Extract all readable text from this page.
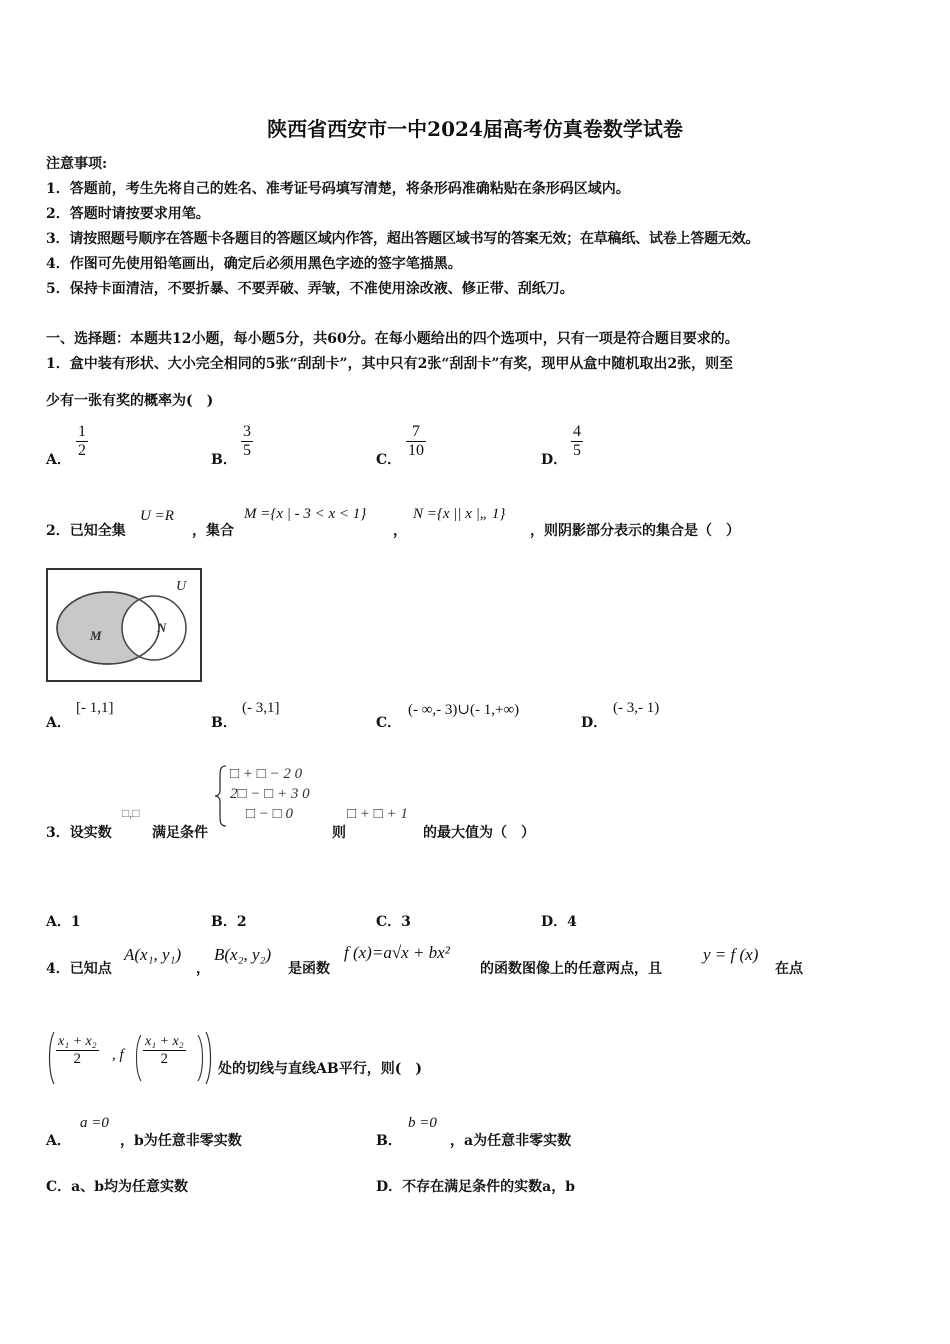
陕西省西安市一中2024届高考仿真卷数学试卷
注意事项:
1．答题前，考生先将自己的姓名、准考证号码填写清楚，将条形码准确粘贴在条形码区域内。
2．答题时请按要求用笔。
3．请按照题号顺序在答题卡各题目的答题区域内作答，超出答题区域书写的答案无效；在草稿纸、试卷上答题无效。
4．作图可先使用铅笔画出，确定后必须用黑色字迹的签字笔描黑。
5．保持卡面清洁，不要折暴、不要弄破、弄皱，不准使用涂改液、修正带、刮纸刀。
一、选择题：本题共12小题，每小题5分，共60分。在每小题给出的四个选项中，只有一项是符合题目要求的。
1．盒中装有形状、大小完全相同的5张“刮刮卡”，其中只有2张“刮刮卡”有奖，现甲从盒中随机取出2张，则至
少有一张有奖的概率为(　)
A．
1
2
B．
3
5
C．
7
10
D．
4
5
2．已知全集
U =R
，集合
M ={x | - 3 < x < 1}
，
N ={x || x |„ 1}
，则阴影部分表示的集合是（　）
U
M
N
A．
[- 1,1]
B．
(- 3,1]
C．
(- ∞,- 3)∪(- 1,+∞)
D．
(- 3,- 1)
3．设实数
□,□
满足条件
□ + □ − 2 0
2□ − □ + 3 0
□ − □ 0
则
□ + □ + 1
的最大值为（　）
A．1	B．2	C．3	D．4
4．已知点
A(x₁, y₁)
，
B(x₂, y₂)
是函数
f (x)=a√x + bx²
的函数图像上的任意两点，且
y = f (x)
在点
x₁ + x₂
2 , f
x₁ + x₂
2
处的切线与直线AB平行，则(　)
A．
a =0
，b为任意非零实数	B．
b =0
，a为任意非零实数
C．a、b均为任意实数	D．不存在满足条件的实数a，b
